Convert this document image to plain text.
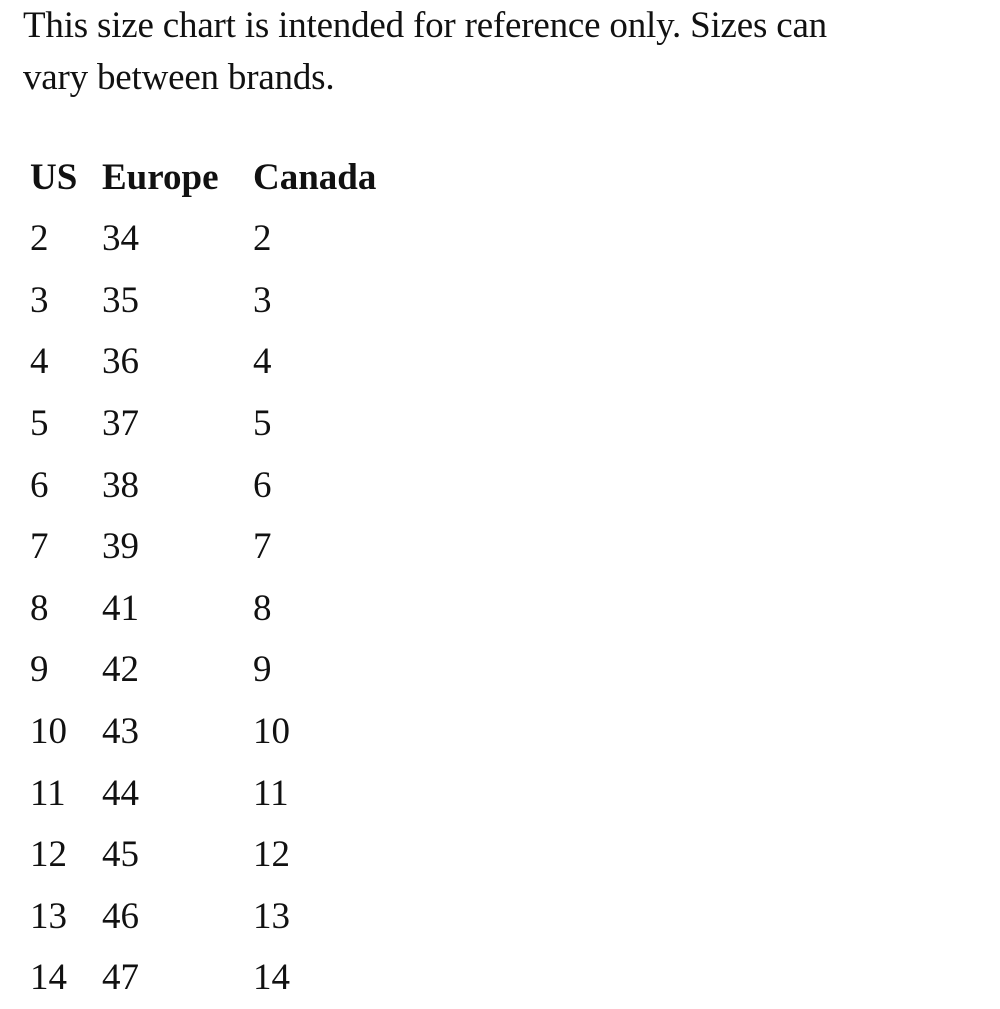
This size chart is intended for reference only. Sizes can
vary between brands.

US	Europe	Canada
2	34	2
3	35	3
4	36	4
5	37	5
6	38	6
7	39	7
8	41	8
9	42	9
10	43	10
11	44	11
12	45	12
13	46	13
14	47	14
